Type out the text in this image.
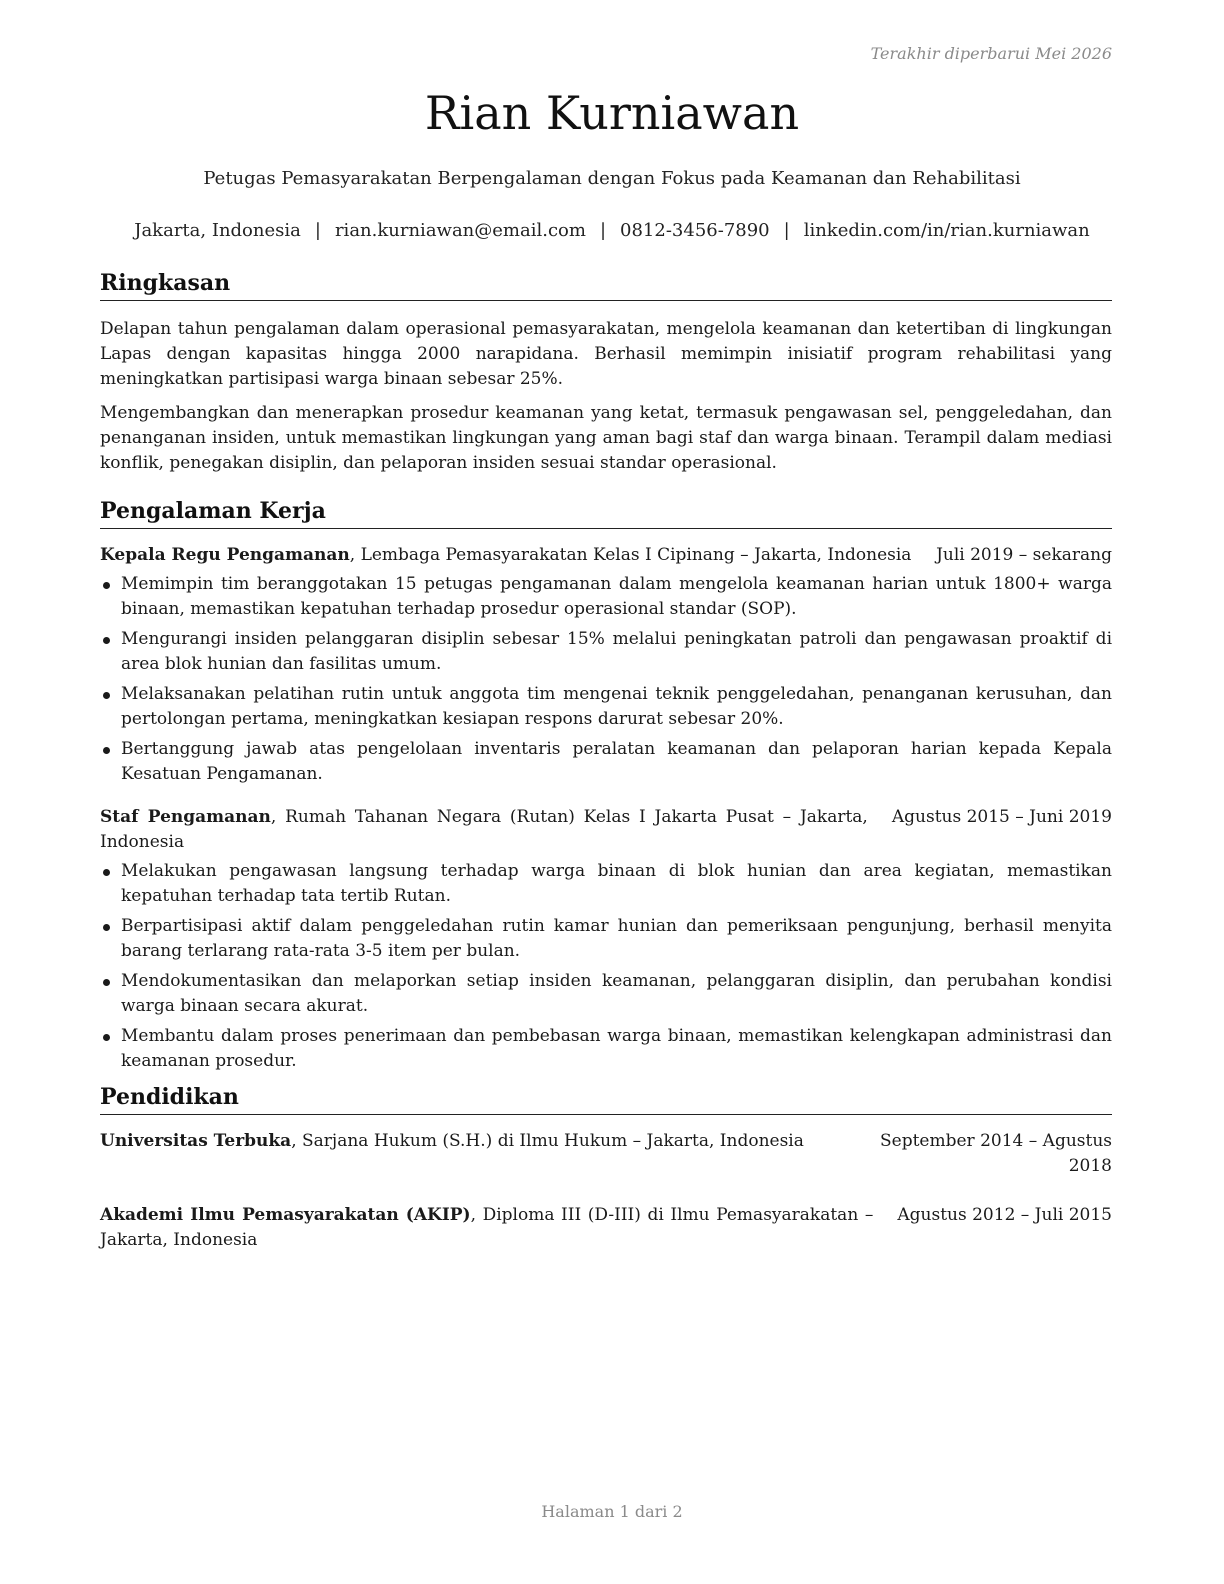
Terakhir diperbarui Mei 2026
Rian Kurniawan
Petugas Pemasyarakatan Berpengalaman dengan Fokus pada Keamanan dan Rehabilitasi
Jakarta, Indonesia | rian.kurniawan@email.com | 0812-3456-7890 | linkedin.com/in/rian.kurniawan
Ringkasan

Delapan tahun pengalaman dalam operasional pemasyarakatan, mengelola keamanan dan ketertiban di lingkungan Lapas dengan kapasitas hingga 2000 narapidana. Berhasil memimpin inisiatif program rehabilitasi yang meningkatkan partisipasi warga binaan sebesar 25%.

Mengembangkan dan menerapkan prosedur keamanan yang ketat, termasuk pengawasan sel, penggeledahan, dan penanganan insiden, untuk memastikan lingkungan yang aman bagi staf dan warga binaan. Terampil dalam mediasi konflik, penegakan disiplin, dan pelaporan insiden sesuai standar operasional.

Pengalaman Kerja
Kepala Regu Pengamanan, Lembaga Pemasyarakatan Kelas I Cipinang – Jakarta, Indonesia	Juli 2019 – sekarang
Memimpin tim beranggotakan 15 petugas pengamanan dalam mengelola keamanan harian untuk 1800+ warga binaan, memastikan kepatuhan terhadap prosedur operasional standar (SOP).
Mengurangi insiden pelanggaran disiplin sebesar 15% melalui peningkatan patroli dan pengawasan proaktif di area blok hunian dan fasilitas umum.
Melaksanakan pelatihan rutin untuk anggota tim mengenai teknik penggeledahan, penanganan kerusuhan, dan pertolongan pertama, meningkatkan kesiapan respons darurat sebesar 20%.
Bertanggung jawab atas pengelolaan inventaris peralatan keamanan dan pelaporan harian kepada Kepala Kesatuan Pengamanan.
Staf Pengamanan, Rumah Tahanan Negara (Rutan) Kelas I Jakarta Pusat – Jakarta, Indonesia
Agustus 2015 – Juni 2019
Melakukan pengawasan langsung terhadap warga binaan di blok hunian dan area kegiatan, memastikan kepatuhan terhadap tata tertib Rutan.
Berpartisipasi aktif dalam penggeledahan rutin kamar hunian dan pemeriksaan pengunjung, berhasil menyita barang terlarang rata-rata 3-5 item per bulan.
Mendokumentasikan dan melaporkan setiap insiden keamanan, pelanggaran disiplin, dan perubahan kondisi warga binaan secara akurat.
Membantu dalam proses penerimaan dan pembebasan warga binaan, memastikan kelengkapan administrasi dan keamanan prosedur.
Pendidikan
Universitas Terbuka, Sarjana Hukum (S.H.) di Ilmu Hukum – Jakarta, Indonesia	September 2014 – Agustus 2018
Akademi Ilmu Pemasyarakatan (AKIP), Diploma III (D-III) di Ilmu Pemasyarakatan – Jakarta, Indonesia
Agustus 2012 – Juli 2015
Halaman 1 dari 2
